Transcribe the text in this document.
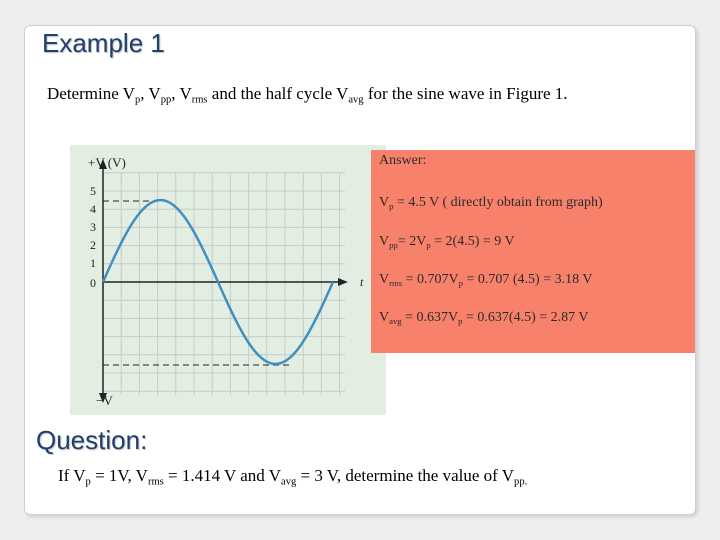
Example 1
Determine $V_p$, $V_{pp}$, $V_{rms}$ and the half cycle $V_{avg}$ for the sine wave in Figure 1.
+V (V)
5
4
3
2
1
0	t
−V
Answer:
$V_p = 4.5$ V ( directly obtain from graph)
$V_{pp}= 2V_p = 2(4.5) = 9$ V
$V_{rms} = 0.707V_p = 0.707$ (4.5) = 3.18 V
$V_{avg} = 0.637V_p = 0.637(4.5) = 2.87$ V
Question:
If $V_p = 1V$, $V_{rms} = 1.414$ V and $V_{avg} = 3$ V, determine the value of $V_{pp.}$
